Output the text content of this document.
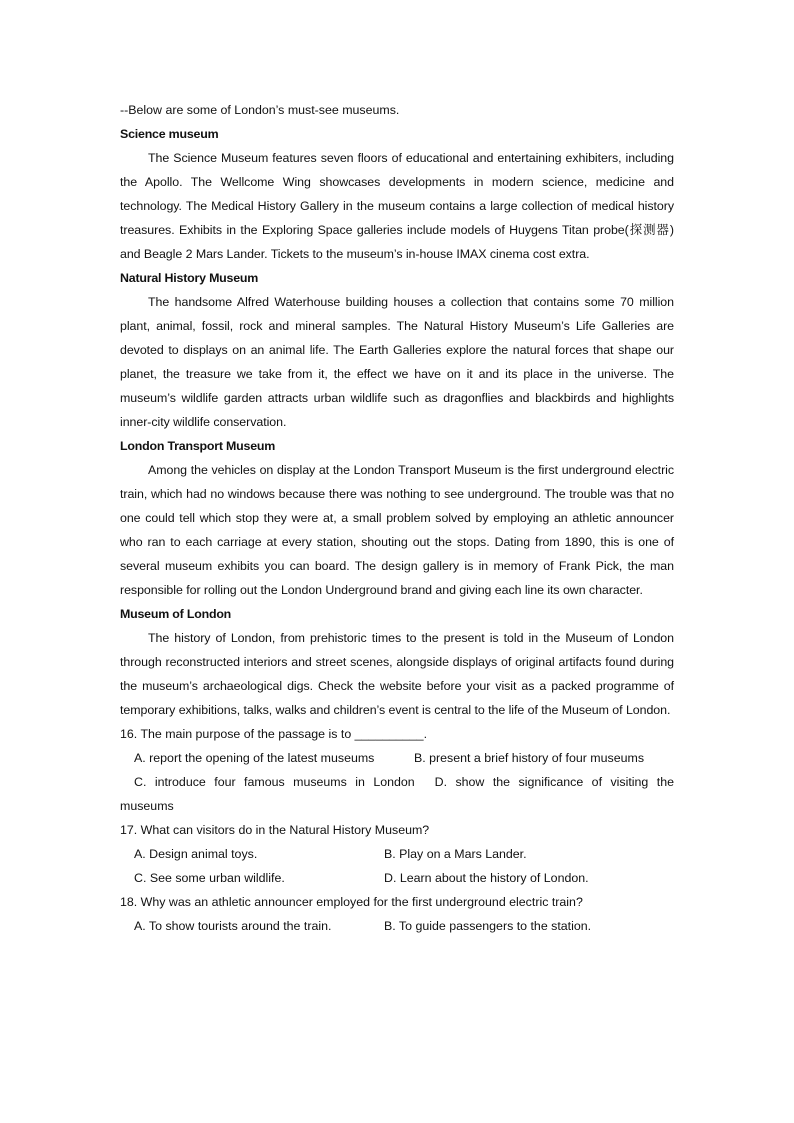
--Below are some of London’s must-see museums.
Science museum
The Science Museum features seven floors of educational and entertaining exhibiters, including the Apollo. The Wellcome Wing showcases developments in modern science, medicine and technology. The Medical History Gallery in the museum contains a large collection of medical history treasures. Exhibits in the Exploring Space galleries include models of Huygens Titan probe(探测器) and Beagle 2 Mars Lander. Tickets to the museum’s in-house IMAX cinema cost extra.
Natural History Museum
The handsome Alfred Waterhouse building houses a collection that contains some 70 million plant, animal, fossil, rock and mineral samples. The Natural History Museum’s Life Galleries are devoted to displays on an animal life. The Earth Galleries explore the natural forces that shape our planet, the treasure we take from it, the effect we have on it and its place in the universe. The museum’s wildlife garden attracts urban wildlife such as dragonflies and blackbirds and highlights inner-city wildlife conservation.
London Transport Museum
Among the vehicles on display at the London Transport Museum is the first underground electric train, which had no windows because there was nothing to see underground. The trouble was that no one could tell which stop they were at, a small problem solved by employing an athletic announcer who ran to each carriage at every station, shouting out the stops. Dating from 1890, this is one of several museum exhibits you can board. The design gallery is in memory of Frank Pick, the man responsible for rolling out the London Underground brand and giving each line its own character.
Museum of London
The history of London, from prehistoric times to the present is told in the Museum of London through reconstructed interiors and street scenes, alongside displays of original artifacts found during the museum’s archaeological digs. Check the website before your visit as a packed programme of temporary exhibitions, talks, walks and children’s event is central to the life of the Museum of London.
16. The main purpose of the passage is to __________.
A. report the opening of the latest museums	B. present a brief history of four museums
C. introduce four famous museums in London D. show the significance of visiting the
museums
17. What can visitors do in the Natural History Museum?
A. Design animal toys.	B. Play on a Mars Lander.
C. See some urban wildlife.	D. Learn about the history of London.
18. Why was an athletic announcer employed for the first underground electric train?
A. To show tourists around the train.	B. To guide passengers to the station.
